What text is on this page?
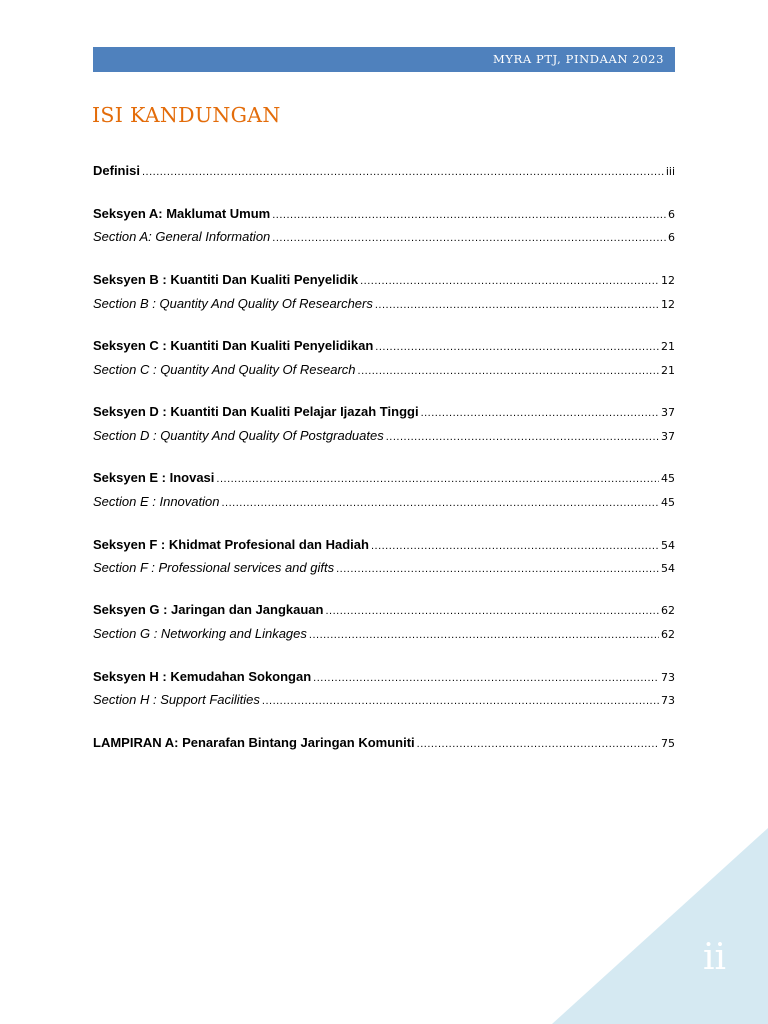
MYRA PTJ, PINDAAN 2023
ISI KANDUNGAN
Definisi .....	iii
Seksyen A: Maklumat Umum .....	6
Section A: General Information .....	6
Seksyen B : Kuantiti Dan Kualiti Penyelidik .....	12
Section B : Quantity And Quality Of Researchers .....	12
Seksyen C : Kuantiti Dan Kualiti Penyelidikan .....	21
Section C : Quantity And Quality Of Research .....	21
Seksyen D : Kuantiti Dan Kualiti Pelajar Ijazah Tinggi .....	37
Section D : Quantity And Quality Of Postgraduates .....	37
Seksyen E : Inovasi .....	45
Section E : Innovation .....	45
Seksyen F : Khidmat Profesional dan Hadiah .....	54
Section F : Professional services and gifts .....	54
Seksyen G : Jaringan dan Jangkauan .....	62
Section G : Networking and Linkages .....	62
Seksyen H : Kemudahan Sokongan .....	73
Section H : Support Facilities .....	73
LAMPIRAN A: Penarafan Bintang Jaringan Komuniti .....	75
ii
